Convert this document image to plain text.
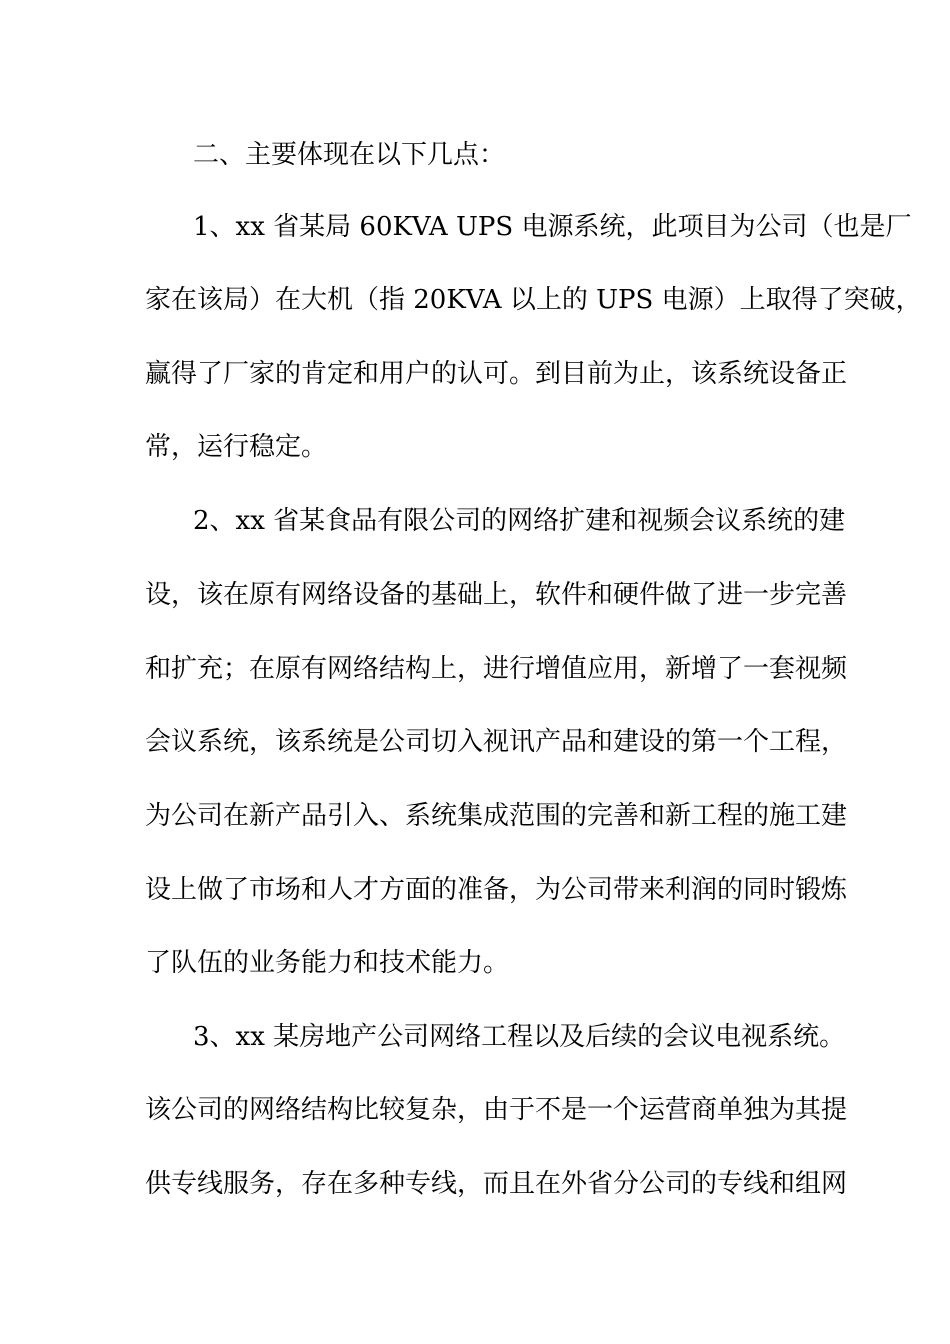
二、主要体现在以下几点：
1、xx 省某局 60KVA UPS 电源系统，此项目为公司（也是厂
家在该局）在大机（指 20KVA 以上的 UPS 电源）上取得了突破，
赢得了厂家的肯定和用户的认可。到目前为止，该系统设备正
常，运行稳定。
2、xx 省某食品有限公司的网络扩建和视频会议系统的建
设，该在原有网络设备的基础上，软件和硬件做了进一步完善
和扩充；在原有网络结构上，进行增值应用，新增了一套视频
会议系统，该系统是公司切入视讯产品和建设的第一个工程，
为公司在新产品引入、系统集成范围的完善和新工程的施工建
设上做了市场和人才方面的准备，为公司带来利润的同时锻炼
了队伍的业务能力和技术能力。
3、xx 某房地产公司网络工程以及后续的会议电视系统。
该公司的网络结构比较复杂，由于不是一个运营商单独为其提
供专线服务，存在多种专线，而且在外省分公司的专线和组网
